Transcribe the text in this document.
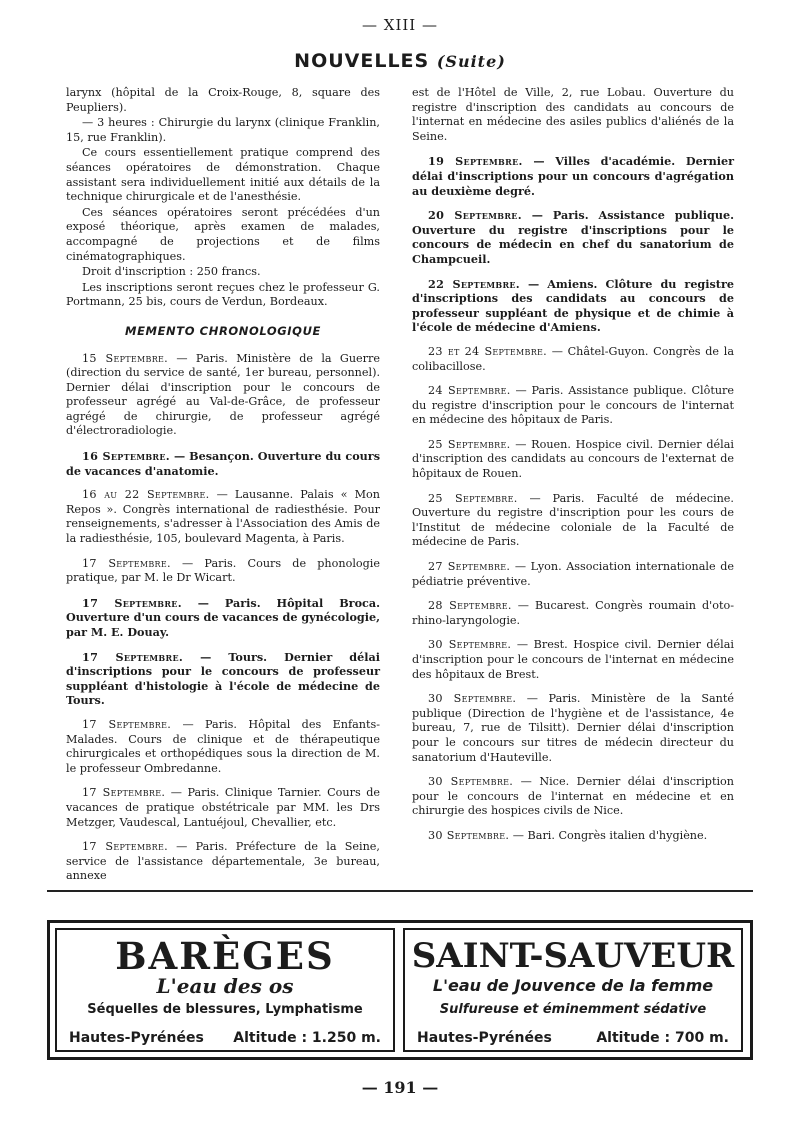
— XIII —
NOUVELLES (Suite)

larynx (hôpital de la Croix-Rouge, 8, square des Peupliers).

— 3 heures : Chirurgie du larynx (clinique Franklin, 15, rue Franklin).

Ce cours essentiellement pratique comprend des séances opératoires de démonstration. Chaque assistant sera individuellement initié aux détails de la technique chirurgicale et de l'anesthésie.

Ces séances opératoires seront précédées d'un exposé théorique, après examen de malades, accompagné de projections et de films cinématographiques.

Droit d'inscription : 250 francs.

Les inscriptions seront reçues chez le professeur G. Portmann, 25 bis, cours de Verdun, Bordeaux.

MEMENTO CHRONOLOGIQUE

15 Septembre. — Paris. Ministère de la Guerre (direction du service de santé, 1er bureau, personnel). Dernier délai d'inscription pour le concours de professeur agrégé au Val-de-Grâce, de professeur agrégé de chirurgie, de professeur agrégé d'électroradiologie.

16 Septembre. — Besançon. Ouverture du cours de vacances d'anatomie.

16 au 22 Septembre. — Lausanne. Palais « Mon Repos ». Congrès international de radiesthésie. Pour renseignements, s'adresser à l'Association des Amis de la radiesthésie, 105, boulevard Magenta, à Paris.

17 Septembre. — Paris. Cours de phonologie pratique, par M. le Dr Wicart.

17 Septembre. — Paris. Hôpital Broca. Ouverture d'un cours de vacances de gynécologie, par M. E. Douay.

17 Septembre. — Tours. Dernier délai d'inscriptions pour le concours de professeur suppléant d'histologie à l'école de médecine de Tours.

17 Septembre. — Paris. Hôpital des Enfants-Malades. Cours de clinique et de thérapeutique chirurgicales et orthopédiques sous la direction de M. le professeur Ombredanne.

17 Septembre. — Paris. Clinique Tarnier. Cours de vacances de pratique obstétricale par MM. les Drs Metzger, Vaudescal, Lantuéjoul, Chevallier, etc.

17 Septembre. — Paris. Préfecture de la Seine, service de l'assistance départementale, 3e bureau, annexe

est de l'Hôtel de Ville, 2, rue Lobau. Ouverture du registre d'inscription des candidats au concours de l'internat en médecine des asiles publics d'aliénés de la Seine.

19 Septembre. — Villes d'académie. Dernier délai d'inscriptions pour un concours d'agrégation au deuxième degré.

20 Septembre. — Paris. Assistance publique. Ouverture du registre d'inscriptions pour le concours de médecin en chef du sanatorium de Champcueil.

22 Septembre. — Amiens. Clôture du registre d'inscriptions des candidats au concours de professeur suppléant de physique et de chimie à l'école de médecine d'Amiens.

23 et 24 Septembre. — Châtel-Guyon. Congrès de la colibacillose.

24 Septembre. — Paris. Assistance publique. Clôture du registre d'inscription pour le concours de l'internat en médecine des hôpitaux de Paris.

25 Septembre. — Rouen. Hospice civil. Dernier délai d'inscription des candidats au concours de l'externat de hôpitaux de Rouen.

25 Septembre. — Paris. Faculté de médecine. Ouverture du registre d'inscription pour les cours de l'Institut de médecine coloniale de la Faculté de médecine de Paris.

27 Septembre. — Lyon. Association internationale de pédiatrie préventive.

28 Septembre. — Bucarest. Congrès roumain d'oto-rhino-laryngologie.

30 Septembre. — Brest. Hospice civil. Dernier délai d'inscription pour le concours de l'internat en médecine des hôpitaux de Brest.

30 Septembre. — Paris. Ministère de la Santé publique (Direction de l'hygiène et de l'assistance, 4e bureau, 7, rue de Tilsitt). Dernier délai d'inscription pour le concours sur titres de médecin directeur du sanatorium d'Hauteville.

30 Septembre. — Nice. Dernier délai d'inscription pour le concours de l'internat en médecine et en chirurgie des hospices civils de Nice.

30 Septembre. — Bari. Congrès italien d'hygiène.

BARÈGES
L'eau des os
Séquelles de blessures, Lymphatisme
Hautes-Pyrénées Altitude : 1.250 m.
SAINT-SAUVEUR
L'eau de Jouvence de la femme
Sulfureuse et éminemment sédative
Hautes-Pyrénées	Altitude : 700 m.
— 191 —
